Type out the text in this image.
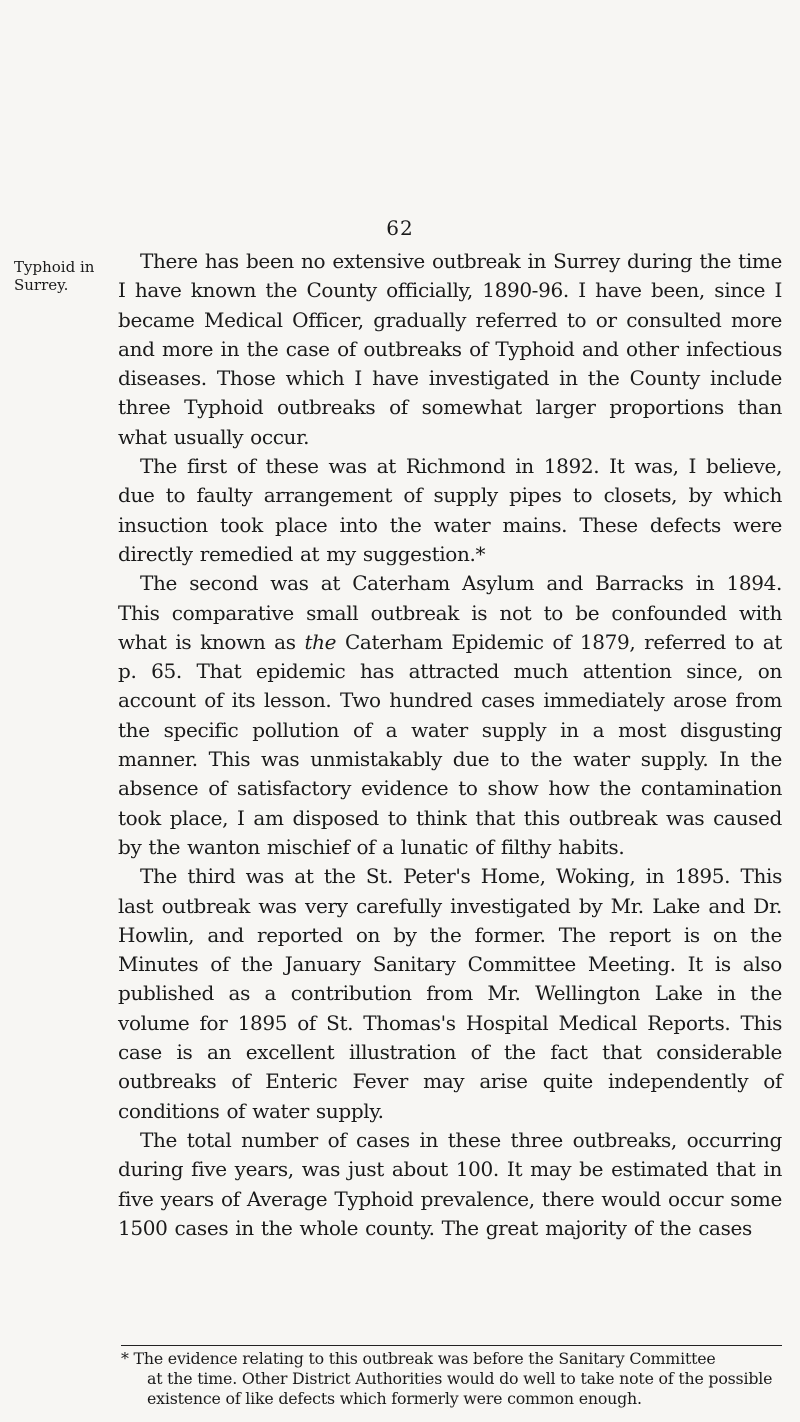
62
Typhoid in Surrey.

There has been no extensive outbreak in Surrey during the time I have known the County officially, 1890-96. I have been, since I became Medical Officer, gradually referred to or consulted more and more in the case of outbreaks of Typhoid and other infectious diseases. Those which I have investigated in the County include three Typhoid outbreaks of somewhat larger proportions than what usually occur.

The first of these was at Richmond in 1892. It was, I believe, due to faulty arrangement of supply pipes to closets, by which insuction took place into the water mains. These defects were directly remedied at my suggestion.*

The second was at Caterham Asylum and Barracks in 1894. This comparative small outbreak is not to be confounded with what is known as the Caterham Epidemic of 1879, referred to at p. 65. That epidemic has attracted much attention since, on account of its lesson. Two hundred cases immediately arose from the specific pollution of a water supply in a most disgusting manner. This was unmistakably due to the water supply. In the absence of satisfactory evidence to show how the contamination took place, I am disposed to think that this outbreak was caused by the wanton mischief of a lunatic of filthy habits.

The third was at the St. Peter's Home, Woking, in 1895. This last outbreak was very carefully investigated by Mr. Lake and Dr. Howlin, and reported on by the former. The report is on the Minutes of the January Sanitary Committee Meeting. It is also published as a contribution from Mr. Wellington Lake in the volume for 1895 of St. Thomas's Hospital Medical Reports. This case is an excellent illustration of the fact that considerable outbreaks of Enteric Fever may arise quite independently of conditions of water supply.

The total number of cases in these three outbreaks, occurring during five years, was just about 100. It may be estimated that in five years of Average Typhoid prevalence, there would occur some 1500 cases in the whole county. The great majority of the cases

* The evidence relating to this outbreak was before the Sanitary Committee
at the time. Other District Authorities would do well to take note of the possible existence of like defects which formerly were common enough.
